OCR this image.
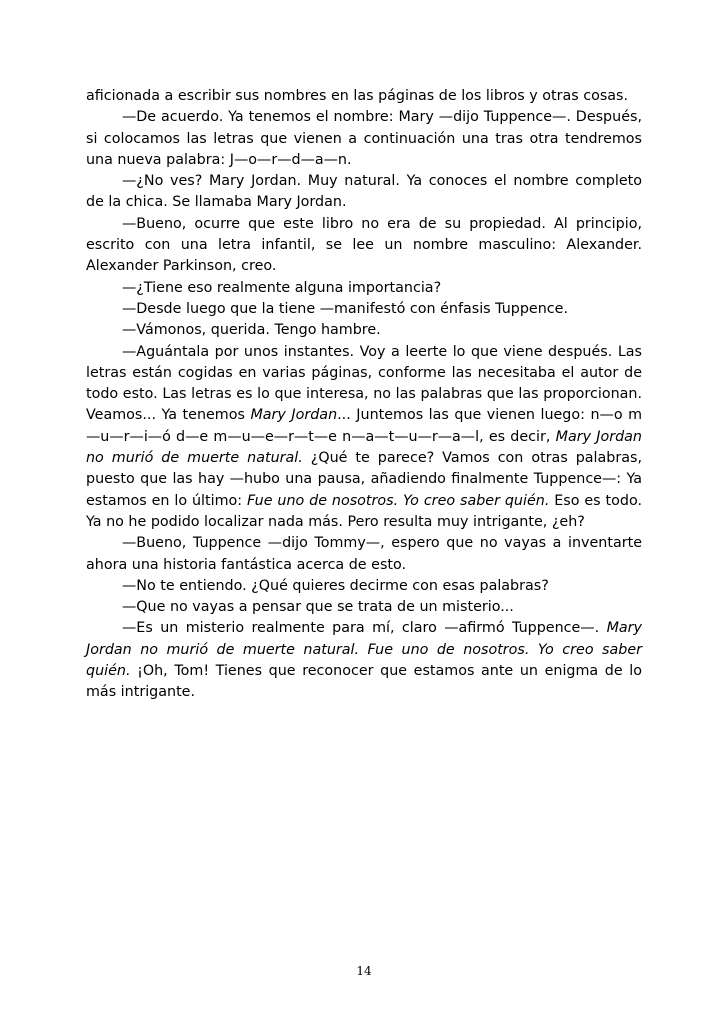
aficionada a escribir sus nombres en las páginas de los libros y otras cosas.

—De acuerdo. Ya tenemos el nombre: Mary —dijo Tuppence—. Después, si colocamos las letras que vienen a continuación una tras otra tendremos una nueva palabra: J—o—r—d—a—n.

—¿No ves? Mary Jordan. Muy natural. Ya conoces el nombre completo de la chica. Se llamaba Mary Jordan.

—Bueno, ocurre que este libro no era de su propiedad. Al principio, escrito con una letra infantil, se lee un nombre masculino: Alexander. Alexander Parkinson, creo.

—¿Tiene eso realmente alguna importancia?

—Desde luego que la tiene —manifestó con énfasis Tuppence.

—Vámonos, querida. Tengo hambre.

—Aguántala por unos instantes. Voy a leerte lo que viene después. Las letras están cogidas en varias páginas, conforme las necesitaba el autor de todo esto. Las letras es lo que interesa, no las palabras que las proporcionan. Veamos... Ya tenemos Mary Jordan... Juntemos las que vienen luego: n—o m—u—r—i—ó d—e m—u—e—r—t—e n—a—t—u—r—a—l, es decir, Mary Jordan no murió de muerte natural. ¿Qué te parece? Vamos con otras palabras, puesto que las hay —hubo una pausa, añadiendo finalmente Tuppence—: Ya estamos en lo último: Fue uno de nosotros. Yo creo saber quién. Eso es todo. Ya no he podido localizar nada más. Pero resulta muy intrigante, ¿eh?

—Bueno, Tuppence —dijo Tommy—, espero que no vayas a inventarte ahora una historia fantástica acerca de esto.

—No te entiendo. ¿Qué quieres decirme con esas palabras?

—Que no vayas a pensar que se trata de un misterio...

—Es un misterio realmente para mí, claro —afirmó Tuppence—. Mary Jordan no murió de muerte natural. Fue uno de nosotros. Yo creo saber quién. ¡Oh, Tom! Tienes que reconocer que estamos ante un enigma de lo más intrigante.

14
